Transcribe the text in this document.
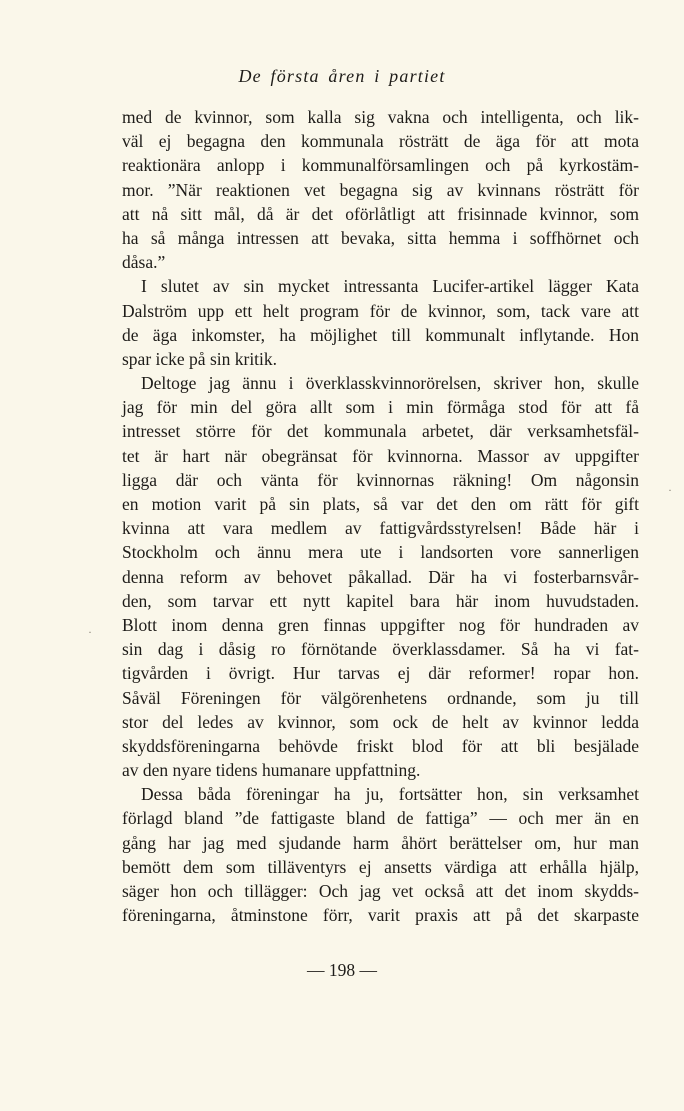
De första åren i partiet
med de kvinnor, som kalla sig vakna och intelligenta, och lik-
väl ej begagna den kommunala rösträtt de äga för att mota
reaktionära anlopp i kommunalförsamlingen och på kyrkostäm-
mor. ”När reaktionen vet begagna sig av kvinnans rösträtt för
att nå sitt mål, då är det oförlåtligt att frisinnade kvinnor, som
ha så många intressen att bevaka, sitta hemma i soffhörnet och
dåsa.”
I slutet av sin mycket intressanta Lucifer-artikel lägger Kata
Dalström upp ett helt program för de kvinnor, som, tack vare att
de äga inkomster, ha möjlighet till kommunalt inflytande. Hon
spar icke på sin kritik.
Deltoge jag ännu i överklasskvinnorörelsen, skriver hon, skulle
jag för min del göra allt som i min förmåga stod för att få
intresset större för det kommunala arbetet, där verksamhetsfäl-
tet är hart när obegränsat för kvinnorna. Massor av uppgifter
ligga där och vänta för kvinnornas räkning! Om någonsin
en motion varit på sin plats, så var det den om rätt för gift
kvinna att vara medlem av fattigvårdsstyrelsen! Både här i
Stockholm och ännu mera ute i landsorten vore sannerligen
denna reform av behovet påkallad. Där ha vi fosterbarnsvår-
den, som tarvar ett nytt kapitel bara här inom huvudstaden.
Blott inom denna gren finnas uppgifter nog för hundraden av
sin dag i dåsig ro förnötande överklassdamer. Så ha vi fat-
tigvården i övrigt. Hur tarvas ej där reformer! ropar hon.
Såväl Föreningen för välgörenhetens ordnande, som ju till
stor del ledes av kvinnor, som ock de helt av kvinnor ledda
skyddsföreningarna behövde friskt blod för att bli besjälade
av den nyare tidens humanare uppfattning.
Dessa båda föreningar ha ju, fortsätter hon, sin verksamhet
förlagd bland ”de fattigaste bland de fattiga” — och mer än en
gång har jag med sjudande harm åhört berättelser om, hur man
bemött dem som tilläventyrs ej ansetts värdiga att erhålla hjälp,
säger hon och tillägger: Och jag vet också att det inom skydds-
föreningarna, åtminstone förr, varit praxis att på det skarpaste
— 198 —
·
·
